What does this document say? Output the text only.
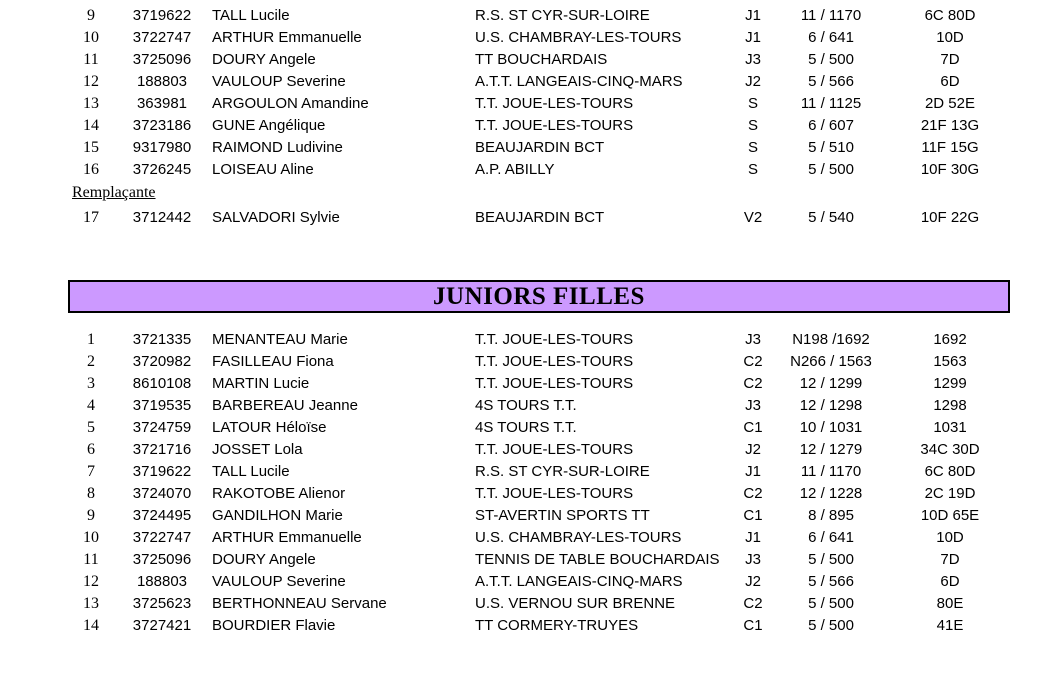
9	3719622	TALL Lucile	R.S. ST CYR-SUR-LOIRE	J1	11 / 1170	6C 80D
10	3722747	ARTHUR Emmanuelle	U.S. CHAMBRAY-LES-TOURS	J1	6 / 641	10D
11	3725096	DOURY Angele	TT BOUCHARDAIS	J3	5 / 500	7D
12	188803	VAULOUP Severine	A.T.T. LANGEAIS-CINQ-MARS	J2	5 / 566	6D
13	363981	ARGOULON Amandine	T.T. JOUE-LES-TOURS	S	11 / 1125	2D 52E
14	3723186	GUNE Angélique	T.T. JOUE-LES-TOURS	S	6 / 607	21F 13G
15	9317980	RAIMOND Ludivine	BEAUJARDIN BCT	S	5 / 510	11F 15G
16	3726245	LOISEAU Aline	A.P. ABILLY	S	5 / 500	10F 30G
Remplaçante
17	3712442	SALVADORI Sylvie	BEAUJARDIN BCT	V2	5 / 540	10F 22G
JUNIORS FILLES
1	3721335	MENANTEAU Marie	T.T. JOUE-LES-TOURS	J3	N198 /1692	1692
2	3720982	FASILLEAU Fiona	T.T. JOUE-LES-TOURS	C2	N266 / 1563	1563
3	8610108	MARTIN Lucie	T.T. JOUE-LES-TOURS	C2	12 / 1299	1299
4	3719535	BARBEREAU Jeanne	4S TOURS T.T.	J3	12 / 1298	1298
5	3724759	LATOUR Héloïse	4S TOURS T.T.	C1	10 / 1031	1031
6	3721716	JOSSET Lola	T.T. JOUE-LES-TOURS	J2	12 / 1279	34C 30D
7	3719622	TALL Lucile	R.S. ST CYR-SUR-LOIRE	J1	11 / 1170	6C 80D
8	3724070	RAKOTOBE Alienor	T.T. JOUE-LES-TOURS	C2	12 / 1228	2C 19D
9	3724495	GANDILHON Marie	ST-AVERTIN SPORTS TT	C1	8 / 895	10D 65E
10	3722747	ARTHUR Emmanuelle	U.S. CHAMBRAY-LES-TOURS	J1	6 / 641	10D
11	3725096	DOURY Angele	TENNIS DE TABLE BOUCHARDAIS	J3	5 / 500	7D
12	188803	VAULOUP Severine	A.T.T. LANGEAIS-CINQ-MARS	J2	5 / 566	6D
13	3725623	BERTHONNEAU Servane	U.S. VERNOU SUR BRENNE	C2	5 / 500	80E
14	3727421	BOURDIER Flavie	TT CORMERY-TRUYES	C1	5 / 500	41E
